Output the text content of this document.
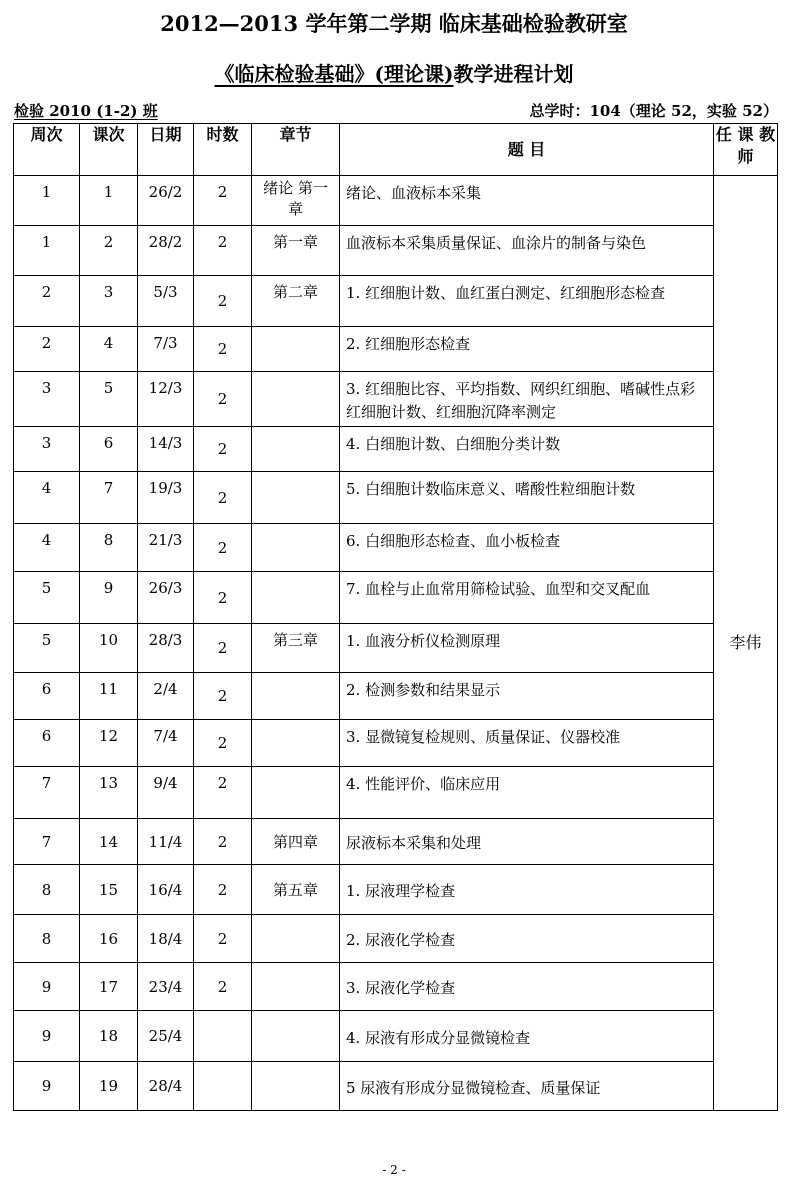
2012—2013 学年第二学期 临床基础检验教研室
《临床检验基础》(理论课)教学进程计划
检验 2010 (1-2) 班	总学时：104（理论 52，实验 52）
周次	课次	日期	时数	章节	题 目	任 课 教师
1	1	26/2	2	绪论 第一章	绪论、血液标本采集	李伟
1	2	28/2	2	第一章	血液标本采集质量保证、血涂片的制备与染色	
2	3	5/3	2	第二章	1. 红细胞计数、血红蛋白测定、红细胞形态检查	
2	4	7/3	2		2. 红细胞形态检查	
3	5	12/3	2		3. 红细胞比容、平均指数、网织红细胞、嗜碱性点彩红细胞计数、红细胞沉降率测定	
3	6	14/3	2		4. 白细胞计数、白细胞分类计数	
4	7	19/3	2		5. 白细胞计数临床意义、嗜酸性粒细胞计数	
4	8	21/3	2		6. 白细胞形态检查、血小板检查	
5	9	26/3	2		7. 血栓与止血常用筛检试验、血型和交叉配血	
5	10	28/3	2	第三章	1. 血液分析仪检测原理	
6	11	2/4	2		2. 检测参数和结果显示	
6	12	7/4	2		3. 显微镜复检规则、质量保证、仪器校准	
7	13	9/4	2		4. 性能评价、临床应用	
7	14	11/4	2	第四章	尿液标本采集和处理	
8	15	16/4	2	第五章	1. 尿液理学检查	
8	16	18/4	2		2. 尿液化学检查	
9	17	23/4	2		3. 尿液化学检查	
9	18	25/4			4. 尿液有形成分显微镜检查	
9	19	28/4			5 尿液有形成分显微镜检查、质量保证	
- 2 -
